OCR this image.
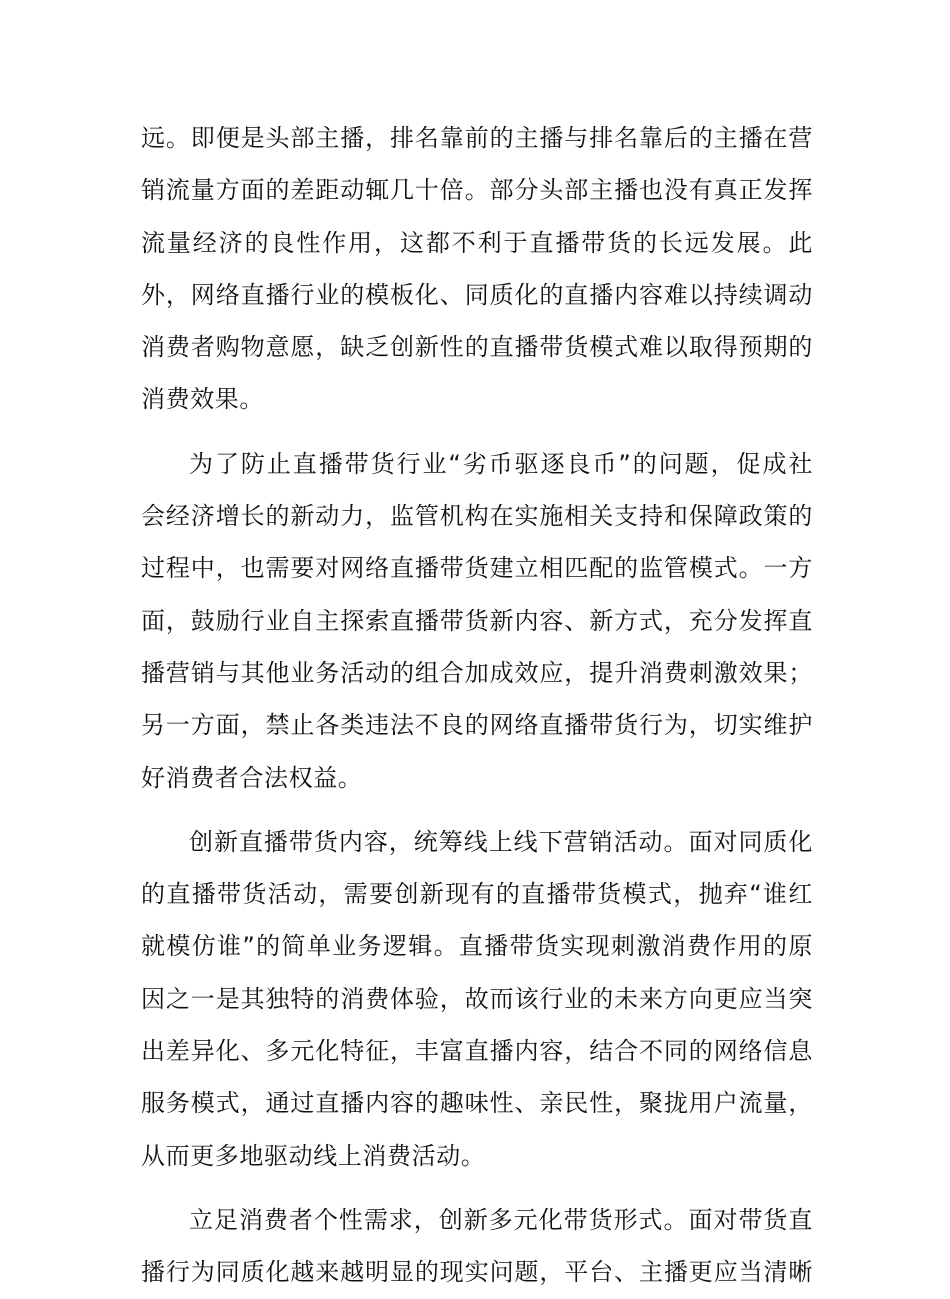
远。即便是头部主播，排名靠前的主播与排名靠后的主播在营
销流量方面的差距动辄几十倍。部分头部主播也没有真正发挥
流量经济的良性作用，这都不利于直播带货的长远发展。此
外，网络直播行业的模板化、同质化的直播内容难以持续调动
消费者购物意愿，缺乏创新性的直播带货模式难以取得预期的
消费效果。
为了防止直播带货行业“劣币驱逐良币”的问题，促成社
会经济增长的新动力，监管机构在实施相关支持和保障政策的
过程中，也需要对网络直播带货建立相匹配的监管模式。一方
面，鼓励行业自主探索直播带货新内容、新方式，充分发挥直
播营销与其他业务活动的组合加成效应，提升消费刺激效果；
另一方面，禁止各类违法不良的网络直播带货行为，切实维护
好消费者合法权益。
创新直播带货内容，统筹线上线下营销活动。面对同质化
的直播带货活动，需要创新现有的直播带货模式，抛弃“谁红
就模仿谁”的简单业务逻辑。直播带货实现刺激消费作用的原
因之一是其独特的消费体验，故而该行业的未来方向更应当突
出差异化、多元化特征，丰富直播内容，结合不同的网络信息
服务模式，通过直播内容的趣味性、亲民性，聚拢用户流量，
从而更多地驱动线上消费活动。
立足消费者个性需求，创新多元化带货形式。面对带货直
播行为同质化越来越明显的现实问题，平台、主播更应当清晰
